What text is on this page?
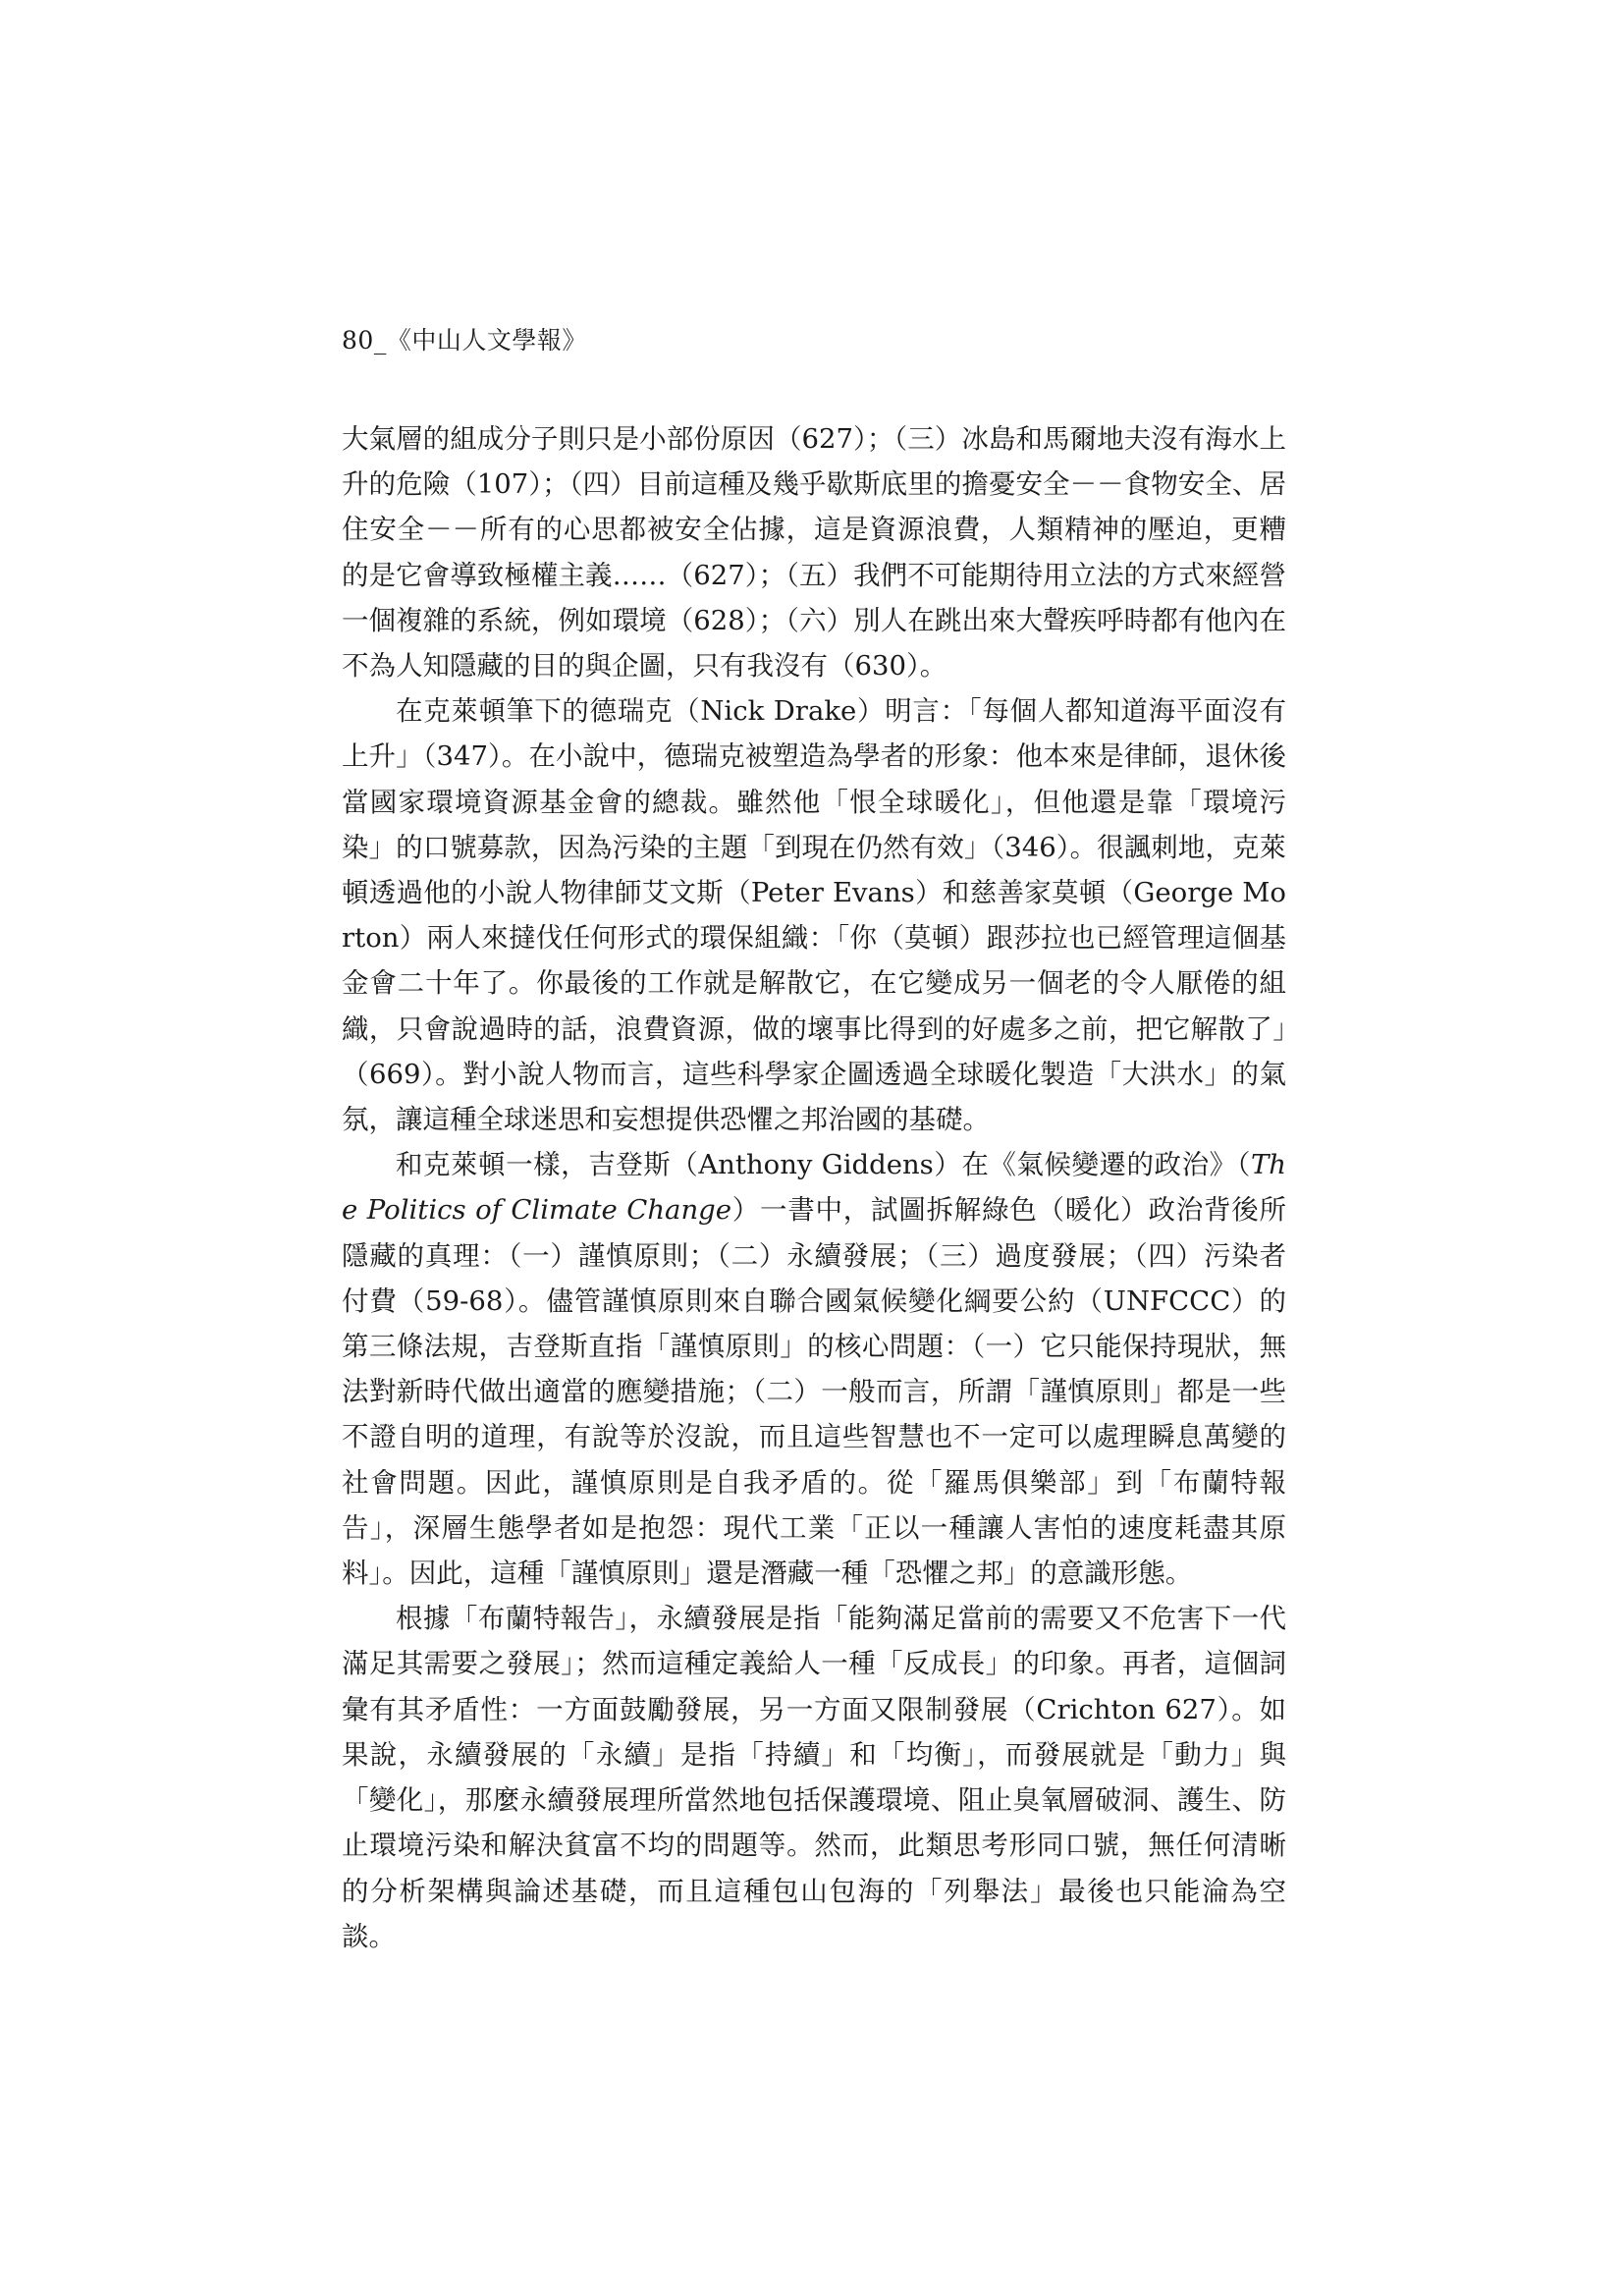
80_《中山人文學報》

大氣層的組成分子則只是小部份原因（627）；（三）冰島和馬爾地夫沒有海水上升的危險（107）；（四）目前這種及幾乎歇斯底里的擔憂安全－－食物安全、居住安全－－所有的心思都被安全佔據，這是資源浪費，人類精神的壓迫，更糟的是它會導致極權主義……（627）；（五）我們不可能期待用立法的方式來經營一個複雜的系統，例如環境（628）；（六）別人在跳出來大聲疾呼時都有他內在不為人知隱藏的目的與企圖，只有我沒有（630）。

在克萊頓筆下的德瑞克（Nick Drake）明言：「每個人都知道海平面沒有上升」（347）。在小說中，德瑞克被塑造為學者的形象：他本來是律師，退休後當國家環境資源基金會的總裁。雖然他「恨全球暖化」，但他還是靠「環境污染」的口號募款，因為污染的主題「到現在仍然有效」（346）。很諷刺地，克萊頓透過他的小說人物律師艾文斯（Peter Evans）和慈善家莫頓（George Morton）兩人來撻伐任何形式的環保組織：「你（莫頓）跟莎拉也已經管理這個基金會二十年了。你最後的工作就是解散它，在它變成另一個老的令人厭倦的組織，只會說過時的話，浪費資源，做的壞事比得到的好處多之前，把它解散了」（669）。對小說人物而言，這些科學家企圖透過全球暖化製造「大洪水」的氣氛，讓這種全球迷思和妄想提供恐懼之邦治國的基礎。

和克萊頓一樣，吉登斯（Anthony Giddens）在《氣候變遷的政治》（The Politics of Climate Change）一書中，試圖拆解綠色（暖化）政治背後所隱藏的真理：（一）謹慎原則；（二）永續發展；（三）過度發展；（四）污染者付費（59-68）。儘管謹慎原則來自聯合國氣候變化綱要公約（UNFCCC）的第三條法規，吉登斯直指「謹慎原則」的核心問題：（一）它只能保持現狀，無法對新時代做出適當的應變措施；（二）一般而言，所謂「謹慎原則」都是一些不證自明的道理，有說等於沒說，而且這些智慧也不一定可以處理瞬息萬變的社會問題。因此，謹慎原則是自我矛盾的。從「羅馬俱樂部」到「布蘭特報告」，深層生態學者如是抱怨：現代工業「正以一種讓人害怕的速度耗盡其原料」。因此，這種「謹慎原則」還是潛藏一種「恐懼之邦」的意識形態。

根據「布蘭特報告」，永續發展是指「能夠滿足當前的需要又不危害下一代滿足其需要之發展」；然而這種定義給人一種「反成長」的印象。再者，這個詞彙有其矛盾性：一方面鼓勵發展，另一方面又限制發展（Crichton 627）。如果說，永續發展的「永續」是指「持續」和「均衡」，而發展就是「動力」與「變化」，那麼永續發展理所當然地包括保護環境、阻止臭氧層破洞、護生、防止環境污染和解決貧富不均的問題等。然而，此類思考形同口號，無任何清晰的分析架構與論述基礎，而且這種包山包海的「列舉法」最後也只能淪為空談。
